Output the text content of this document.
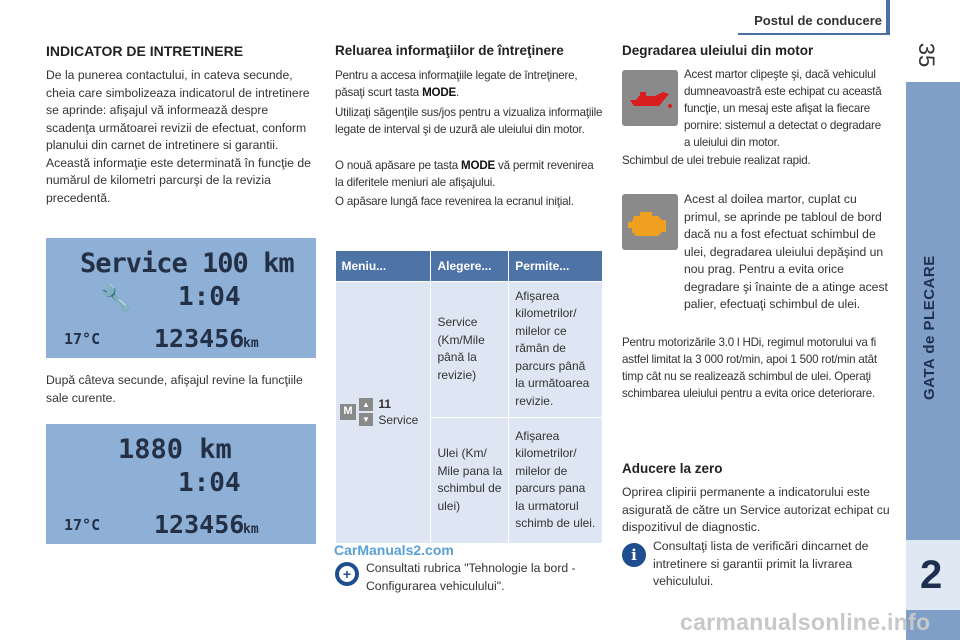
Postul de conducere
35
GATA de PLECARE
2
INDICATOR DE INTRETINERE
De la punerea contactului, in cateva secunde, cheia care simbolizeaza indicatorul de intretinere se aprinde: afişajul vă informează despre scadenţa următoarei revizii de efectuat, conform planului din carnet de intretinere si garantii. Această informaţie este determinată în funcţie de numărul de kilometri parcurşi de la revizia precedentă.
Service 100 km
🔧 1:04
17°C 123456
km
După câteva secunde, afişajul revine la funcţiile sale curente.
1880 km
1:04
17°C 123456
km
Reluarea informaţiilor de întreţinere
Pentru a accesa informaţiile legate de întreţinere, păsaţi scurt tasta MODE.
Utilizaţi săgenţile sus/jos pentru a vizualiza informaţiile legate de interval şi de uzură ale uleiului din motor.
O nouă apăsare pe tasta MODE vă permit revenirea la diferitele meniuri ale afişajului.
O apăsare lungă face revenirea la ecranul iniţial.
Meniu...	Alegere...	Permite...

M
▲
▼
11
Service	Service (Km/Mile până la revizie)	Afişarea kilometrilor/ milelor ce rămân de parcurs până la următoarea revizie.
	Ulei (Km/ Mile pana la schimbul de ulei)	Afişarea kilometrilor/ milelor de parcurs pana la urmatorul schimb de ulei.
CarManuals2.com
+	Consultati rubrica "Tehnologie la bord - Configurarea vehiculului".
Degradarea uleiului din motor
Acest martor clipeşte şi, dacă vehiculul dumneavoastră este echipat cu această funcţie, un mesaj este afişat la fiecare pornire: sistemul a detectat o degradare a uleiului din motor.
Schimbul de ulei trebuie realizat rapid.
Acest al doilea martor, cuplat cu primul, se aprinde pe tabloul de bord dacă nu a fost efectuat schimbul de ulei, degradarea uleiului depăşind un nou prag. Pentru a evita orice degradare şi înainte de a atinge acest palier, efectuaţi schimbul de ulei.
Pentru motorizările 3.0 l HDi, regimul motorului va fi astfel limitat la 3 000 rot/min, apoi 1 500 rot/min atât timp cât nu se realizează schimbul de ulei. Operaţi schimbarea uleiului pentru a evita orice deteriorare.
Aducere la zero
Oprirea clipirii permanente a indicatorului este asigurată de către un Service autorizat echipat cu dispozitivul de diagnostic.
i	Consultaţi lista de verificări dincarnet de intretinere si garantii primit la livrarea vehiculului.
carmanualsonline.info
